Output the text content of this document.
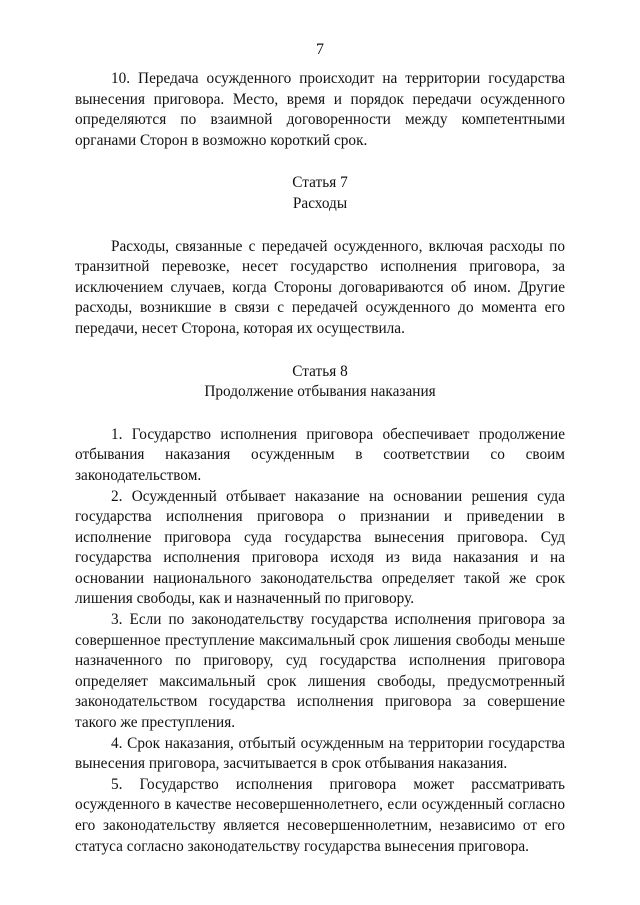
7

10. Передача осужденного происходит на территории государства вынесения приговора. Место, время и порядок передачи осужденного определяются по взаимной договоренности между компетентными органами Сторон в возможно короткий срок.

Статья 7

Расходы

Расходы, связанные с передачей осужденного, включая расходы по транзитной перевозке, несет государство исполнения приговора, за исключением случаев, когда Стороны договариваются об ином. Другие расходы, возникшие в связи с передачей осужденного до момента его передачи, несет Сторона, которая их осуществила.

Статья 8

Продолжение отбывания наказания

1. Государство исполнения приговора обеспечивает продолжение отбывания наказания осужденным в соответствии со своим законодательством.

2. Осужденный отбывает наказание на основании решения суда государства исполнения приговора о признании и приведении в исполнение приговора суда государства вынесения приговора. Суд государства исполнения приговора исходя из вида наказания и на основании национального законодательства определяет такой же срок лишения свободы, как и назначенный по приговору.

3. Если по законодательству государства исполнения приговора за совершенное преступление максимальный срок лишения свободы меньше назначенного по приговору, суд государства исполнения приговора определяет максимальный срок лишения свободы, предусмотренный законодательством государства исполнения приговора за совершение такого же преступления.

4. Срок наказания, отбытый осужденным на территории государства вынесения приговора, засчитывается в срок отбывания наказания.

5. Государство исполнения приговора может рассматривать осужденного в качестве несовершеннолетнего, если осужденный согласно его законодательству является несовершеннолетним, независимо от его статуса согласно законодательству государства вынесения приговора.
